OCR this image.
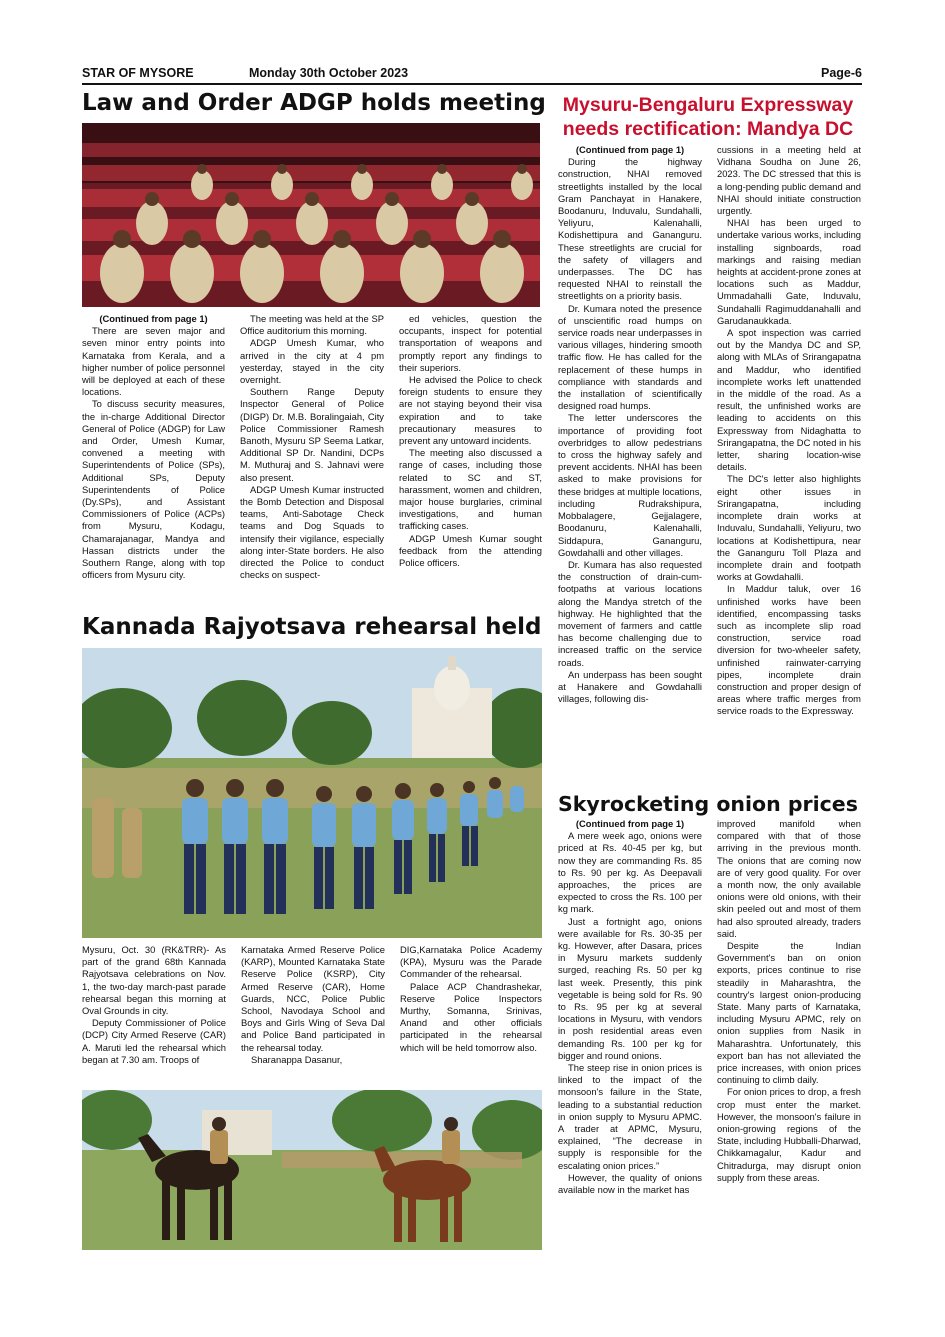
STAR OF MYSORE	Monday 30th October 2023	Page-6
Law and Order ADGP holds meeting

(Continued from page 1)

There are seven major and seven minor entry points into Karnataka from Kerala, and a higher number of police personnel will be deployed at each of these locations.

To discuss security measures, the in-charge Additional Director General of Police (ADGP) for Law and Order, Umesh Kumar, convened a meeting with Superintendents of Police (SPs), Additional SPs, Deputy Superintendents of Police (Dy.SPs), and Assistant Commissioners of Police (ACPs) from Mysuru, Kodagu, Chamarajanagar, Mandya and Hassan districts under the Southern Range, along with top officers from Mysuru city.

The meeting was held at the SP Office auditorium this morning.

ADGP Umesh Kumar, who arrived in the city at 4 pm yesterday, stayed in the city overnight.

Southern Range Deputy Inspector General of Police (DIGP) Dr. M.B. Boralingaiah, City Police Commissioner Ramesh Banoth, Mysuru SP Seema Latkar, Additional SP Dr. Nandini, DCPs M. Muthuraj and S. Jahnavi were also present.

ADGP Umesh Kumar instructed the Bomb Detection and Disposal teams, Anti-Sabotage Check teams and Dog Squads to intensify their vigilance, especially along inter-State borders. He also directed the Police to conduct checks on suspect-

ed vehicles, question the occupants, inspect for potential transportation of weapons and promptly report any findings to their superiors.

He advised the Police to check foreign students to ensure they are not staying beyond their visa expiration and to take precautionary measures to prevent any untoward incidents.

The meeting also discussed a range of cases, including those related to SC and ST, harassment, women and children, major house burglaries, criminal investigations, and human trafficking cases.

ADGP Umesh Kumar sought feedback from the attending Police officers.

Kannada Rajyotsava rehearsal held

Mysuru, Oct. 30 (RK&TRR)- As part of the grand 68th Kannada Rajyotsava celebrations on Nov. 1, the two-day march-past parade rehearsal began this morning at Oval Grounds in city.

Deputy Commissioner of Police (DCP) City Armed Reserve (CAR) A. Maruti led the rehearsal which began at 7.30 am. Troops of

Karnataka Armed Reserve Police (KARP), Mounted Karnataka State Reserve Police (KSRP), City Armed Reserve (CAR), Home Guards, NCC, Police Public School, Navodaya School and Boys and Girls Wing of Seva Dal and Police Band participated in the rehearsal today.

Sharanappa Dasanur,

DIG,Karnataka Police Academy (KPA), Mysuru was the Parade Commander of the rehearsal.

Palace ACP Chandrashekar, Reserve Police Inspectors Murthy, Somanna, Srinivas, Anand and other officials participated in the rehearsal which will be held tomorrow also.

Mysuru-Bengaluru Expressway
needs rectification: Mandya DC

(Continued from page 1)

During the highway construction, NHAI removed streetlights installed by the local Gram Panchayat in Hanakere, Boodanuru, Induvalu, Sundahalli, Yeliyuru, Kalenahalli, Kodishettipura and Gananguru. These streetlights are crucial for the safety of villagers and underpasses. The DC has requested NHAI to reinstall the streetlights on a priority basis.

Dr. Kumara noted the presence of unscientific road humps on service roads near underpasses in various villages, hindering smooth traffic flow. He has called for the replacement of these humps in compliance with standards and the installation of scientifically designed road humps.

The letter underscores the importance of providing foot overbridges to allow pedestrians to cross the highway safely and prevent accidents. NHAI has been asked to make provisions for these bridges at multiple locations, including Rudrakshipura, Mobbalagere, Gejjalagere, Boodanuru, Kalenahalli, Siddapura, Gananguru, Gowdahalli and other villages.

Dr. Kumara has also requested the construction of drain-cum-footpaths at various locations along the Mandya stretch of the highway. He highlighted that the movement of farmers and cattle has become challenging due to increased traffic on the service roads.

An underpass has been sought at Hanakere and Gowdahalli villages, following dis-

cussions in a meeting held at Vidhana Soudha on June 26, 2023. The DC stressed that this is a long-pending public demand and NHAI should initiate construction urgently.

NHAI has been urged to undertake various works, including installing signboards, road markings and raising median heights at accident-prone zones at locations such as Maddur, Ummadahalli Gate, Induvalu, Sundahalli Ragimuddanahalli and Garudanaukkada.

A spot inspection was carried out by the Mandya DC and SP, along with MLAs of Srirangapatna and Maddur, who identified incomplete works left unattended in the middle of the road. As a result, the unfinished works are leading to accidents on this Expressway from Nidaghatta to Srirangapatna, the DC noted in his letter, sharing location-wise details.

The DC's letter also highlights eight other issues in Srirangapatna, including incomplete drain works at Induvalu, Sundahalli, Yeliyuru, two locations at Kodishettipura, near the Gananguru Toll Plaza and incomplete drain and footpath works at Gowdahalli.

In Maddur taluk, over 16 unfinished works have been identified, encompassing tasks such as incomplete slip road construction, service road diversion for two-wheeler safety, unfinished rainwater-carrying pipes, incomplete drain construction and proper design of areas where traffic merges from service roads to the Expressway.

Skyrocketing onion prices

(Continued from page 1)

A mere week ago, onions were priced at Rs. 40-45 per kg, but now they are commanding Rs. 85 to Rs. 90 per kg. As Deepavali approaches, the prices are expected to cross the Rs. 100 per kg mark.

Just a fortnight ago, onions were available for Rs. 30-35 per kg. However, after Dasara, prices in Mysuru markets suddenly surged, reaching Rs. 50 per kg last week. Presently, this pink vegetable is being sold for Rs. 90 to Rs. 95 per kg at several locations in Mysuru, with vendors in posh residential areas even demanding Rs. 100 per kg for bigger and round onions.

The steep rise in onion prices is linked to the impact of the monsoon's failure in the State, leading to a substantial reduction in onion supply to Mysuru APMC. A trader at APMC, Mysuru, explained, “The decrease in supply is responsible for the escalating onion prices.”

However, the quality of onions available now in the market has

improved manifold when compared with that of those arriving in the previous month. The onions that are coming now are of very good quality. For over a month now, the only available onions were old onions, with their skin peeled out and most of them had also sprouted already, traders said.

Despite the Indian Government's ban on onion exports, prices continue to rise steadily in Maharashtra, the country's largest onion-producing State. Many parts of Karnataka, including Mysuru APMC, rely on onion supplies from Nasik in Maharashtra. Unfortunately, this export ban has not alleviated the price increases, with onion prices continuing to climb daily.

For onion prices to drop, a fresh crop must enter the market. However, the monsoon's failure in onion-growing regions of the State, including Hubballi-Dharwad, Chikkamagalur, Kadur and Chitradurga, may disrupt onion supply from these areas.
